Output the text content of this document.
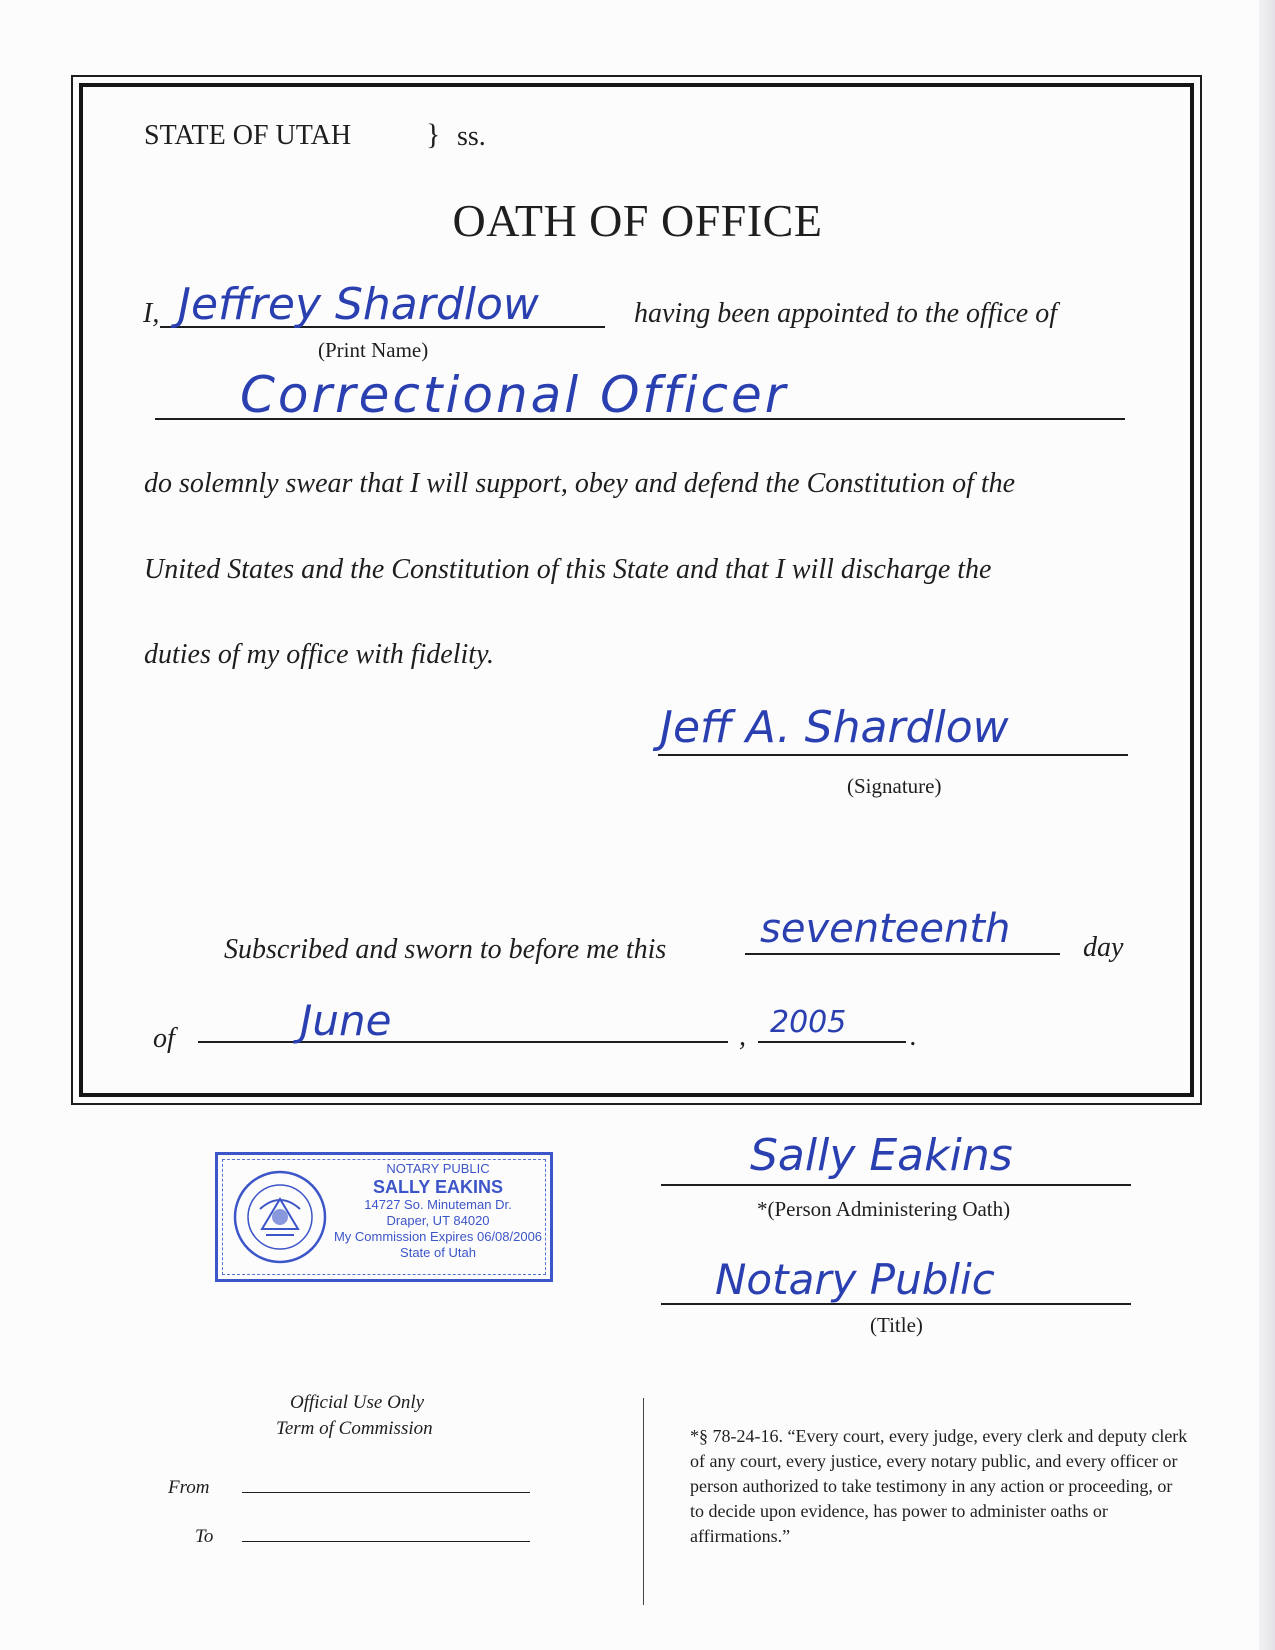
STATE OF UTAH } ss.
OATH OF OFFICE
I, Jeffrey Shardlow
(Print Name)
having been appointed to the office of
Correctional Officer
do solemnly swear that I will support, obey and defend the Constitution of the
United States and the Constitution of this State and that I will discharge the
duties of my office with fidelity.
Jeff A. Shardlow
(Signature)
Subscribed and sworn to before me this seventeenth	day
of	June	, 2005 .
NOTARY PUBLIC
SALLY EAKINS
14727 So. Minuteman Dr.
Draper, UT 84020
My Commission Expires 06/08/2006
State of Utah
Sally Eakins
*(Person Administering Oath)
Notary Public
(Title)
Official Use Only
Term of Commission
From
To
*§ 78-24-16. “Every court, every judge, every clerk and deputy clerk of any court, every justice, every notary public, and every officer or person authorized to take testimony in any action or proceeding, or to decide upon evidence, has power to administer oaths or affirmations.”
